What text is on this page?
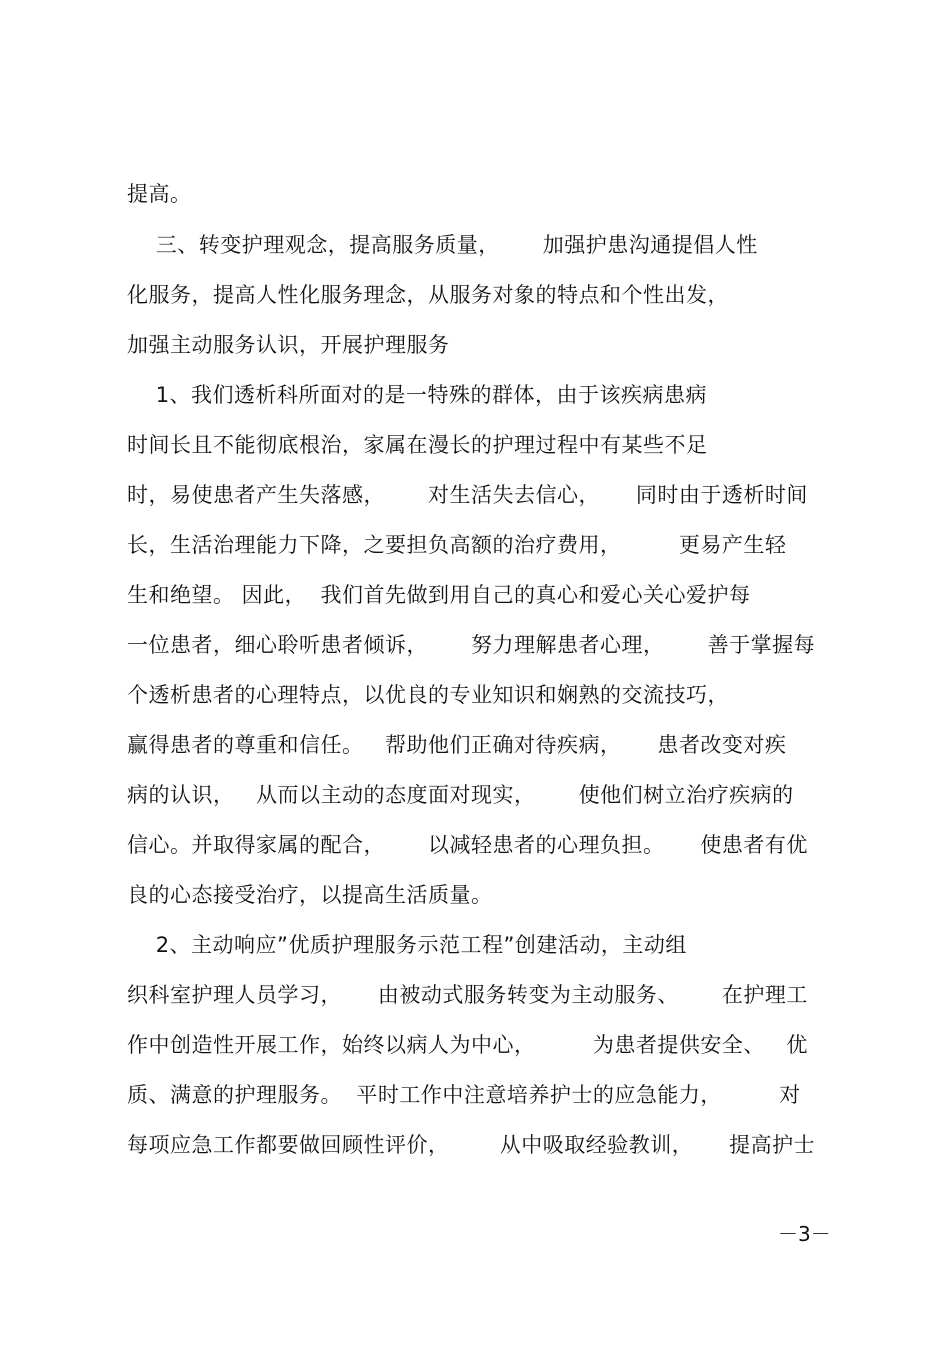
提高。
三、转变护理观念，提高服务质量，      加强护患沟通提倡人性
化服务，提高人性化服务理念，从服务对象的特点和个性出发，
加强主动服务认识，开展护理服务
1、我们透析科所面对的是一特殊的群体，由于该疾病患病
时间长且不能彻底根治，家属在漫长的护理过程中有某些不足
时，易使患者产生失落感，      对生活失去信心，     同时由于透析时间
长，生活治理能力下降，之要担负高额的治疗费用，        更易产生轻
生和绝望。 因此，  我们首先做到用自己的真心和爱心关心爱护每
一位患者，细心聆听患者倾诉，      努力理解患者心理，      善于掌握每
个透析患者的心理特点，以优良的专业知识和娴熟的交流技巧，
赢得患者的尊重和信任。   帮助他们正确对待疾病，     患者改变对疾
病的认识，   从而以主动的态度面对现实，      使他们树立治疗疾病的
信心。并取得家属的配合，      以减轻患者的心理负担。     使患者有优
良的心态接受治疗，以提高生活质量。
2、主动响应”优质护理服务示范工程”创建活动，主动组
织科室护理人员学习，     由被动式服务转变为主动服务、      在护理工
作中创造性开展工作，始终以病人为中心，        为患者提供安全、   优
质、满意的护理服务。  平时工作中注意培养护士的应急能力，        对
每项应急工作都要做回顾性评价，       从中吸取经验教训，     提高护士
－3－
